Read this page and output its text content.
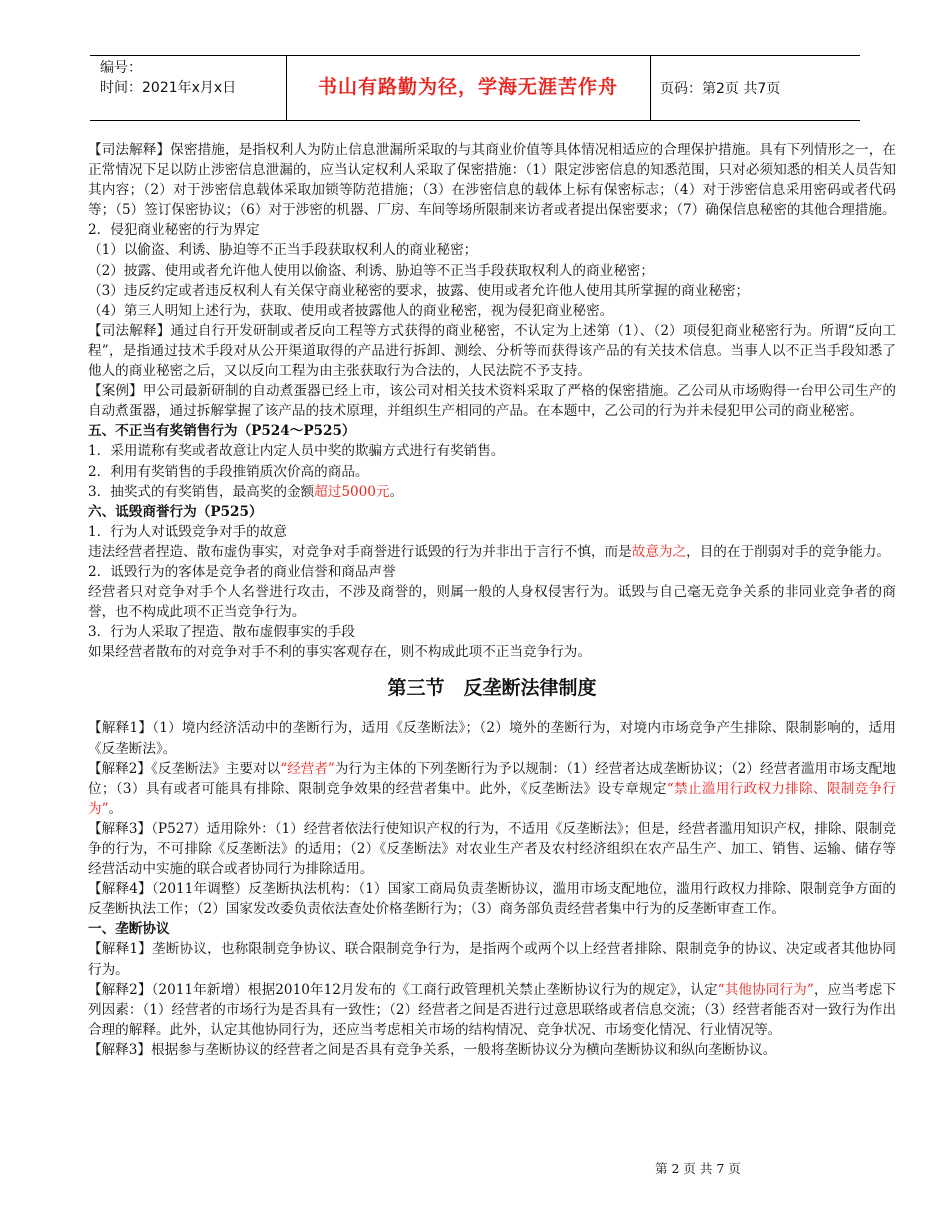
编号：
时间：2021年x月x日	书山有路勤为径，学海无涯苦作舟	页码：第2页 共7页

【司法解释】保密措施，是指权利人为防止信息泄漏所采取的与其商业价值等具体情况相适应的合理保护措施。具有下列情形之一，在正常情况下足以防止涉密信息泄漏的，应当认定权利人采取了保密措施：（1）限定涉密信息的知悉范围，只对必须知悉的相关人员告知其内容；（2）对于涉密信息载体采取加锁等防范措施；（3）在涉密信息的载体上标有保密标志；（4）对于涉密信息采用密码或者代码等；（5）签订保密协议；（6）对于涉密的机器、厂房、车间等场所限制来访者或者提出保密要求；（7）确保信息秘密的其他合理措施。

2．侵犯商业秘密的行为界定

（1）以偷盗、利诱、胁迫等不正当手段获取权利人的商业秘密；

（2）披露、使用或者允许他人使用以偷盗、利诱、胁迫等不正当手段获取权利人的商业秘密；

（3）违反约定或者违反权利人有关保守商业秘密的要求，披露、使用或者允许他人使用其所掌握的商业秘密；

（4）第三人明知上述行为，获取、使用或者披露他人的商业秘密，视为侵犯商业秘密。

【司法解释】通过自行开发研制或者反向工程等方式获得的商业秘密，不认定为上述第（1）、（2）项侵犯商业秘密行为。所谓“反向工程”，是指通过技术手段对从公开渠道取得的产品进行拆卸、测绘、分析等而获得该产品的有关技术信息。当事人以不正当手段知悉了他人的商业秘密之后，又以反向工程为由主张获取行为合法的，人民法院不予支持。

【案例】甲公司最新研制的自动煮蛋器已经上市，该公司对相关技术资料采取了严格的保密措施。乙公司从市场购得一台甲公司生产的自动煮蛋器，通过拆解掌握了该产品的技术原理，并组织生产相同的产品。在本题中，乙公司的行为并未侵犯甲公司的商业秘密。

五、不正当有奖销售行为（P524～P525）

1．采用谎称有奖或者故意让内定人员中奖的欺骗方式进行有奖销售。

2．利用有奖销售的手段推销质次价高的商品。

3．抽奖式的有奖销售，最高奖的金额超过5000元。

六、诋毁商誉行为（P525）

1．行为人对诋毁竞争对手的故意

违法经营者捏造、散布虚伪事实，对竞争对手商誉进行诋毁的行为并非出于言行不慎，而是故意为之，目的在于削弱对手的竞争能力。

2．诋毁行为的客体是竞争者的商业信誉和商品声誉

经营者只对竞争对手个人名誉进行攻击，不涉及商誉的，则属一般的人身权侵害行为。诋毁与自己毫无竞争关系的非同业竞争者的商誉，也不构成此项不正当竞争行为。

3．行为人采取了捏造、散布虚假事实的手段

如果经营者散布的对竞争对手不利的事实客观存在，则不构成此项不正当竞争行为。

第三节　反垄断法律制度

【解释1】（1）境内经济活动中的垄断行为，适用《反垄断法》；（2）境外的垄断行为，对境内市场竞争产生排除、限制影响的，适用《反垄断法》。

【解释2】《反垄断法》主要对以“经营者”为行为主体的下列垄断行为予以规制：（1）经营者达成垄断协议；（2）经营者滥用市场支配地位；（3）具有或者可能具有排除、限制竞争效果的经营者集中。此外，《反垄断法》设专章规定“禁止滥用行政权力排除、限制竞争行为”。

【解释3】（P527）适用除外：（1）经营者依法行使知识产权的行为，不适用《反垄断法》；但是，经营者滥用知识产权，排除、限制竞争的行为，不可排除《反垄断法》的适用；（2）《反垄断法》对农业生产者及农村经济组织在农产品生产、加工、销售、运输、储存等经营活动中实施的联合或者协同行为排除适用。

【解释4】（2011年调整）反垄断执法机构：（1）国家工商局负责垄断协议，滥用市场支配地位，滥用行政权力排除、限制竞争方面的反垄断执法工作；（2）国家发改委负责依法查处价格垄断行为；（3）商务部负责经营者集中行为的反垄断审查工作。

一、垄断协议

【解释1】垄断协议，也称限制竞争协议、联合限制竞争行为，是指两个或两个以上经营者排除、限制竞争的协议、决定或者其他协同行为。

【解释2】（2011年新增）根据2010年12月发布的《工商行政管理机关禁止垄断协议行为的规定》，认定“其他协同行为”，应当考虑下列因素：（1）经营者的市场行为是否具有一致性；（2）经营者之间是否进行过意思联络或者信息交流；（3）经营者能否对一致行为作出合理的解释。此外，认定其他协同行为，还应当考虑相关市场的结构情况、竞争状况、市场变化情况、行业情况等。

【解释3】根据参与垄断协议的经营者之间是否具有竞争关系，一般将垄断协议分为横向垄断协议和纵向垄断协议。

第 2 页 共 7 页
